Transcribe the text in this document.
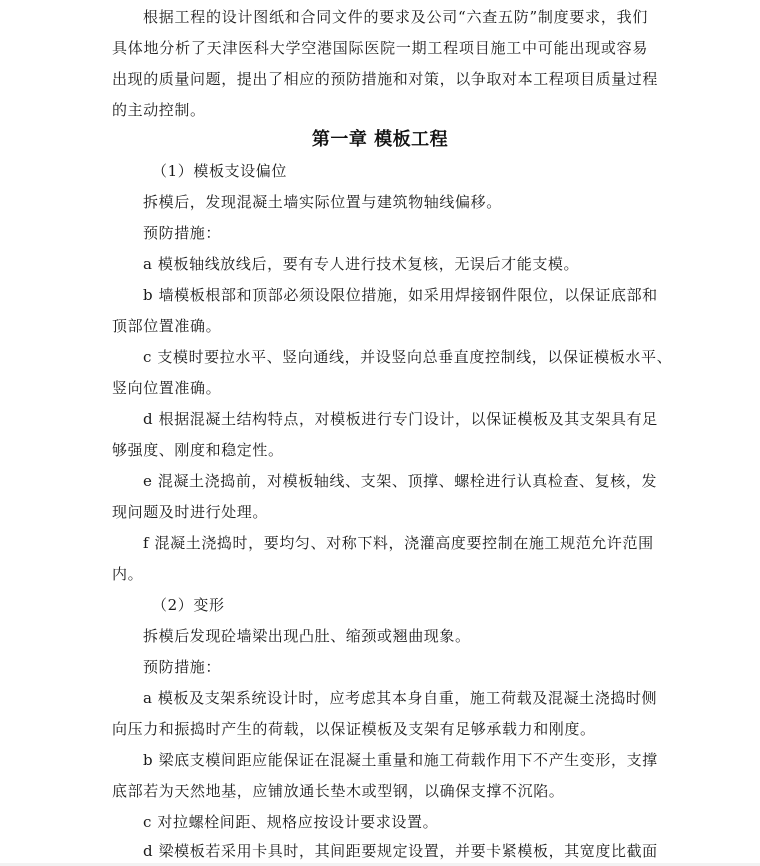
根据工程的设计图纸和合同文件的要求及公司“六查五防”制度要求，我们
具体地分析了天津医科大学空港国际医院一期工程项目施工中可能出现或容易
出现的质量问题，提出了相应的预防措施和对策，以争取对本工程项目质量过程
的主动控制。
第一章 模板工程
（1）模板支设偏位
拆模后，发现混凝土墙实际位置与建筑物轴线偏移。
预防措施：
a 模板轴线放线后，要有专人进行技术复核，无误后才能支模。
b 墙模板根部和顶部必须设限位措施，如采用焊接钢件限位，以保证底部和
顶部位置准确。
c 支模时要拉水平、竖向通线，并设竖向总垂直度控制线，以保证模板水平、
竖向位置准确。
d 根据混凝土结构特点，对模板进行专门设计，以保证模板及其支架具有足
够强度、刚度和稳定性。
e 混凝土浇捣前，对模板轴线、支架、顶撑、螺栓进行认真检查、复核，发
现问题及时进行处理。
f 混凝土浇捣时，要均匀、对称下料，浇灌高度要控制在施工规范允许范围
内。
（2）变形
拆模后发现砼墙梁出现凸肚、缩颈或翘曲现象。
预防措施：
a 模板及支架系统设计时，应考虑其本身自重，施工荷载及混凝土浇捣时侧
向压力和振捣时产生的荷载，以保证模板及支架有足够承载力和刚度。
b 梁底支模间距应能保证在混凝土重量和施工荷载作用下不产生变形，支撑
底部若为天然地基，应铺放通长垫木或型钢，以确保支撑不沉陷。
c 对拉螺栓间距、规格应按设计要求设置。
d 梁模板若采用卡具时，其间距要规定设置，并要卡紧模板，其宽度比截面
